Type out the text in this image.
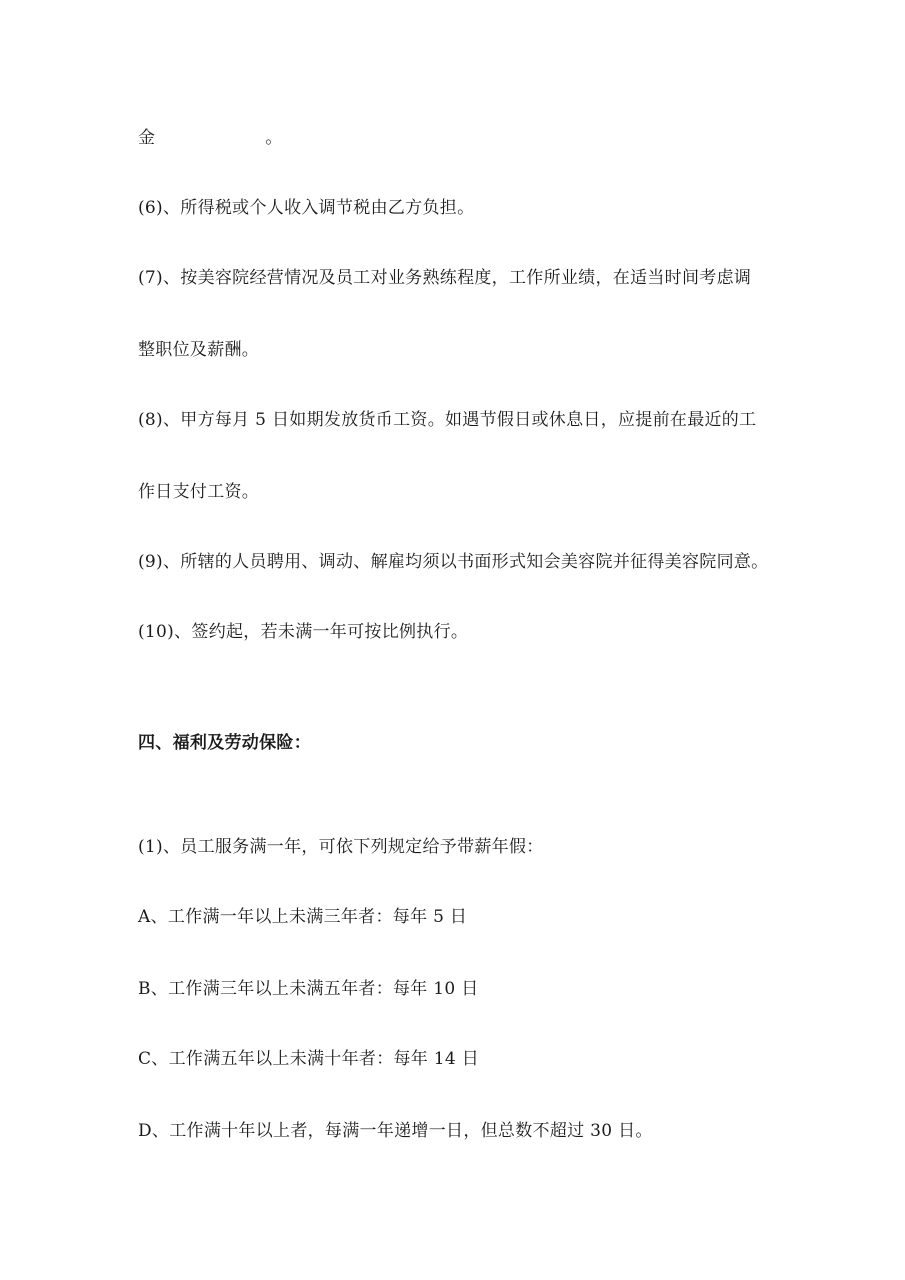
金	。
(6)、所得税或个人收入调节税由乙方负担。
(7)、按美容院经营情况及员工对业务熟练程度，工作所业绩，在适当时间考虑调
整职位及薪酬。
(8)、甲方每月 5 日如期发放货币工资。如遇节假日或休息日，应提前在最近的工
作日支付工资。
(9)、所辖的人员聘用、调动、解雇均须以书面形式知会美容院并征得美容院同意。
(10)、签约起，若未满一年可按比例执行。
四、福利及劳动保险：
(1)、员工服务满一年，可依下列规定给予带薪年假：
A、工作满一年以上未满三年者：每年 5 日
B、工作满三年以上未满五年者：每年 10 日
C、工作满五年以上未满十年者：每年 14 日
D、工作满十年以上者，每满一年递增一日，但总数不超过 30 日。
